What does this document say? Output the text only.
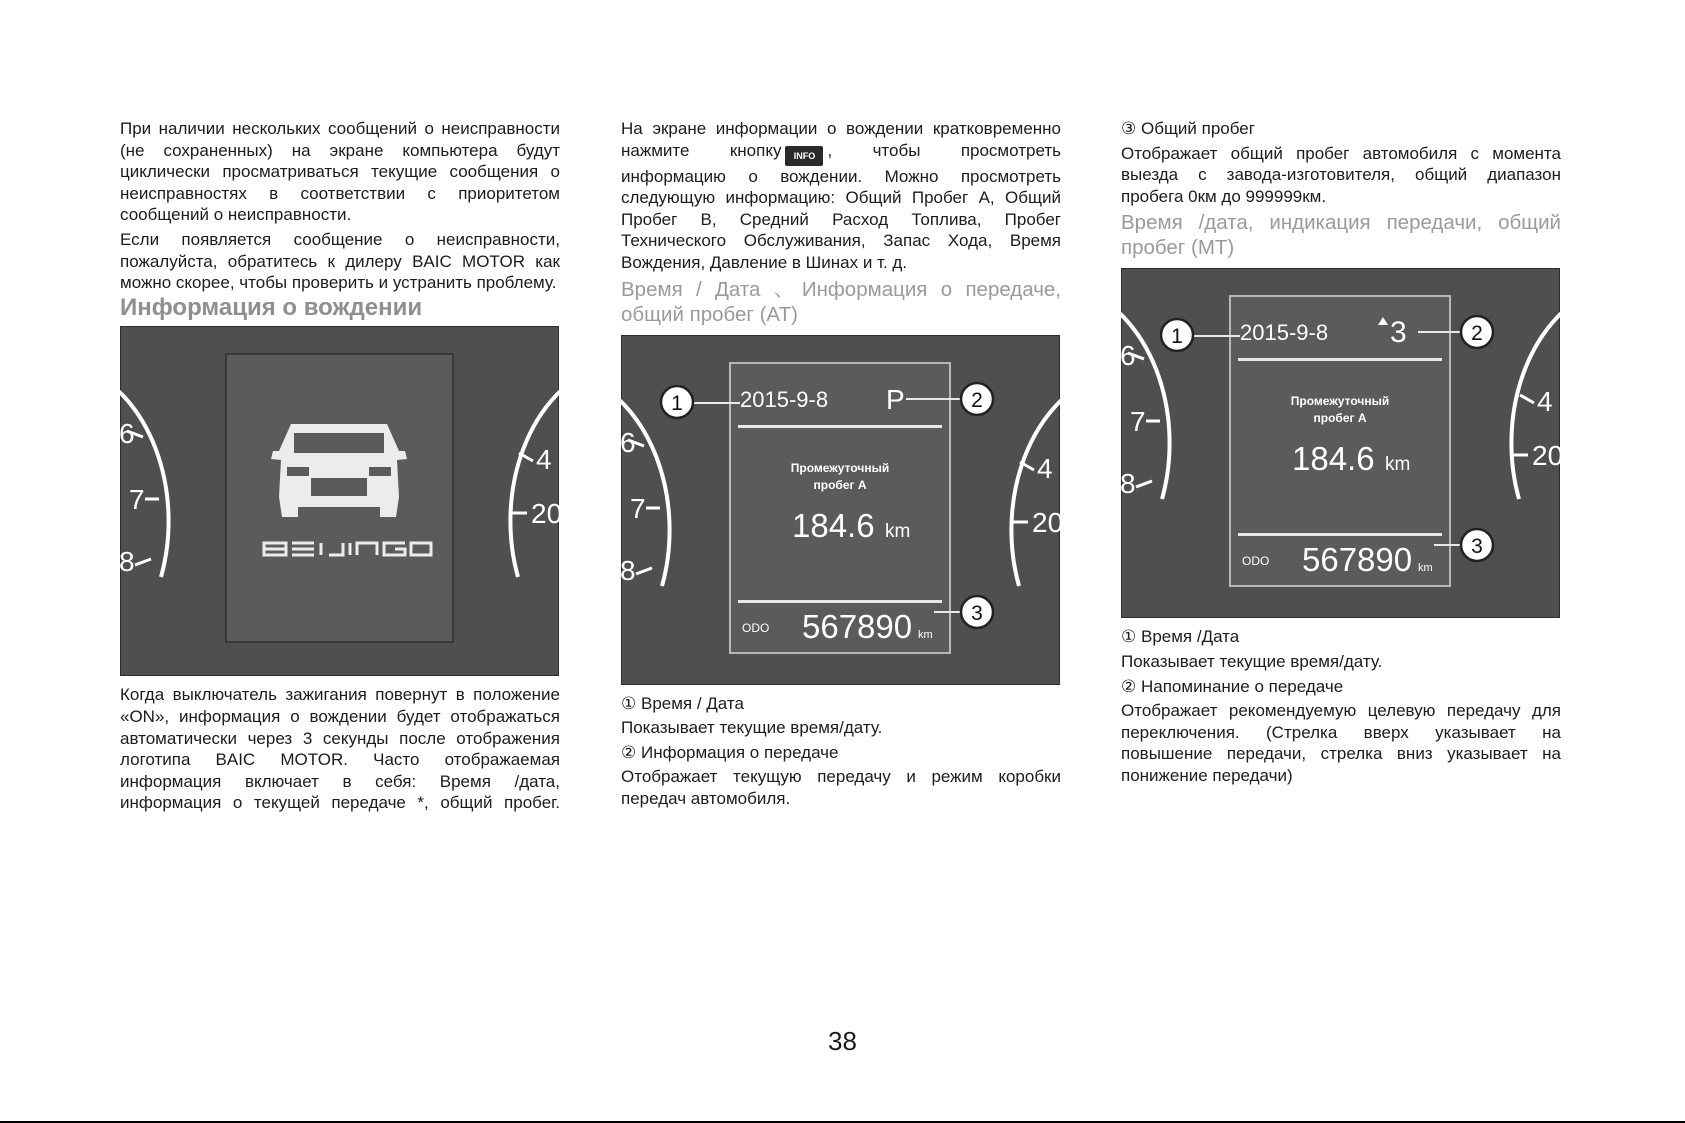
При наличии нескольких сообщений о неисправности (не сохраненных) на экране компьютера будут циклически просматриваться текущие сообщения о неисправностях в соответствии с приоритетом сообщений о неисправности.

Если появляется сообщение о неисправности, пожалуйста, обратитесь к дилеру BAIC MOTOR как можно скорее, чтобы проверить и устранить проблему.

Информация о вождении
6
7
8
4
20

Когда выключатель зажигания повернут в положение «ON», информация о вождении будет отображаться автоматически через 3 секунды после отображения логотипа BAIC MOTOR. Часто отображаемая информация включает в себя: Время /дата, информация о текущей передаче *, общий пробег.

На экране информации о вождении кратковременно нажмите кнопку INFO , чтобы просмотреть информацию о вождении. Можно просмотреть следующую информацию: Общий Пробег А, Общий Пробег В, Средний Расход Топлива, Пробег Технического Обслуживания, Запас Хода, Время Вождения, Давление в Шинах и т. д.

Время / Дата 、Информация о передаче, общий пробег (AT)
6
7
8
4
20
2015-9-8 P
Промежуточный
пробег А
184.6 km
ODO 567890 km
1	2
3

① Время / Дата

Показывает текущие время/дату.

② Информация о передаче

Отображает текущую передачу и режим коробки передач автомобиля.

③ Общий пробег

Отображает общий пробег автомобиля с момента выезда с завода-изготовителя, общий диапазон пробега 0км до 999999км.

Время /дата, индикация передачи, общий пробег (MT)
6
7
8
4
20
2015-9-8 3
Промежуточный
пробег А
184.6 km
ODO 567890 km
1	2
3

① Время /Дата

Показывает текущие время/дату.

② Напоминание о передаче

Отображает рекомендуемую целевую передачу для переключения. (Стрелка вверх указывает на повышение передачи, стрелка вниз указывает на понижение передачи)

38
